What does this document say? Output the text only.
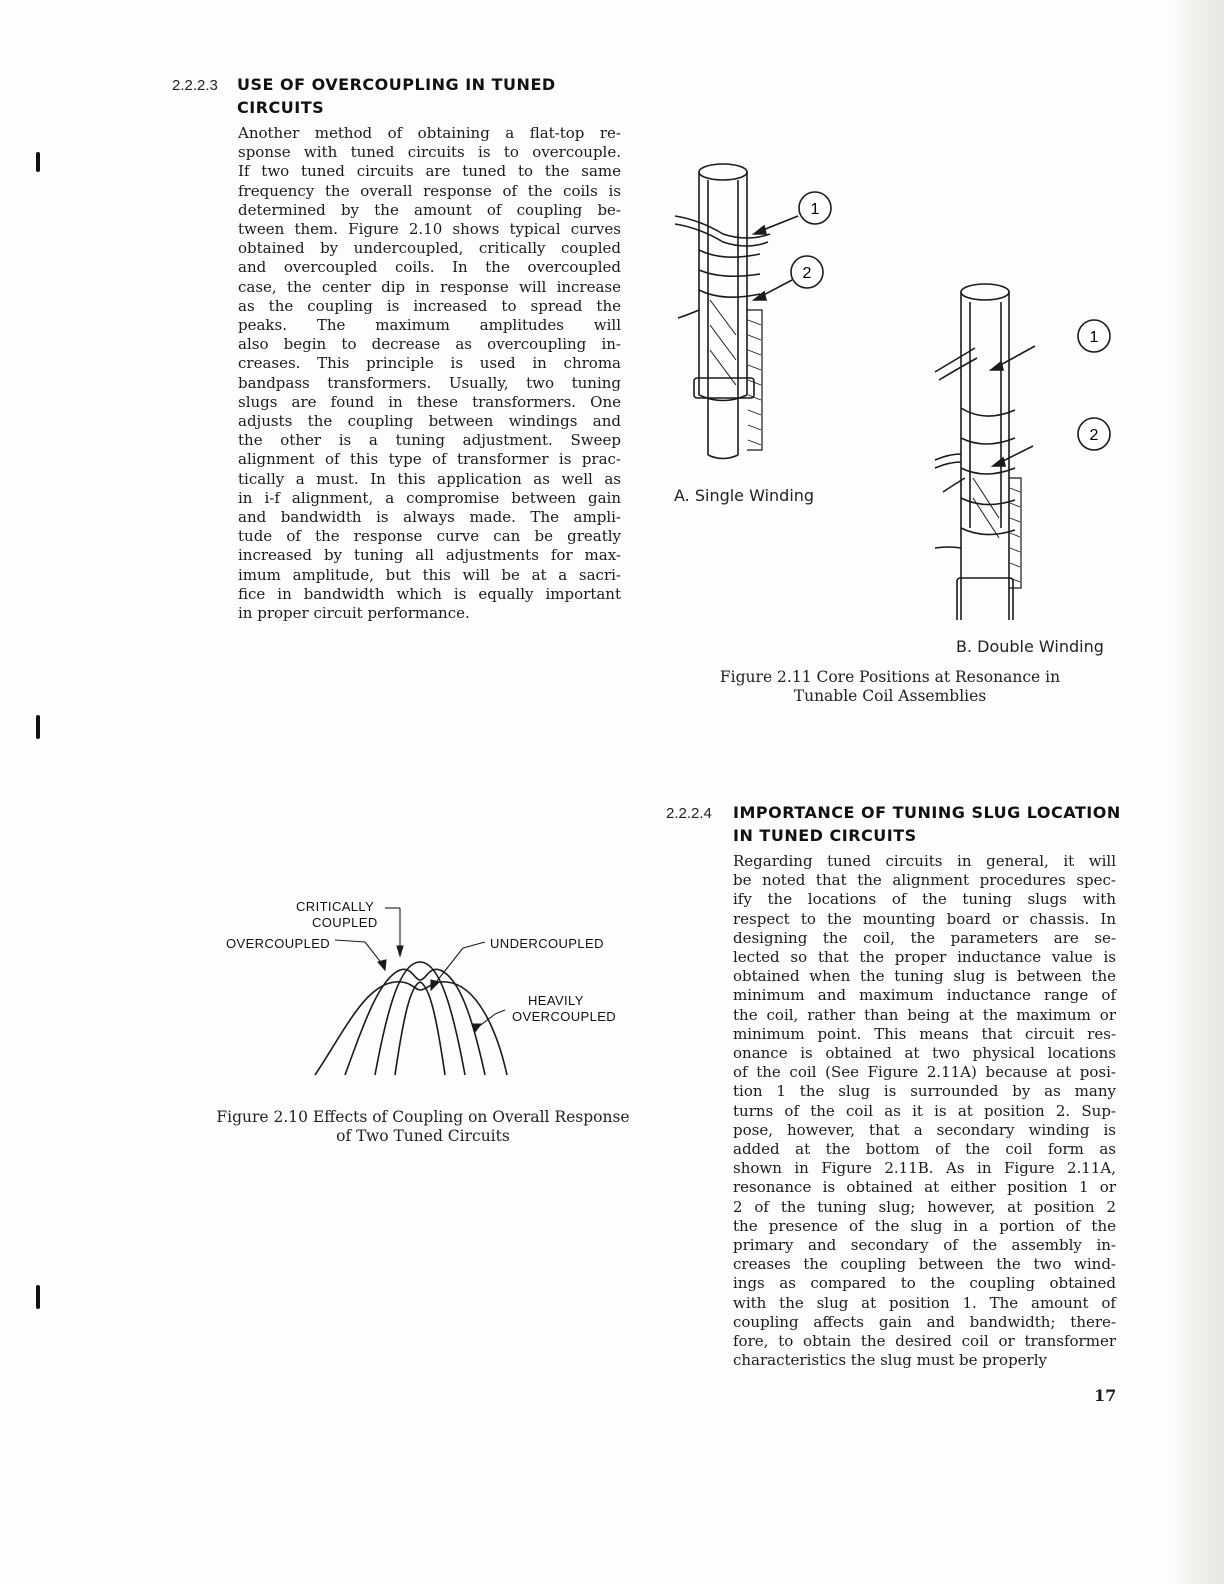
2.2.2.3 USE OF OVERCOUPLING IN TUNED
CIRCUITS
Another method of obtaining a flat-top re-
sponse with tuned circuits is to overcouple.
If two tuned circuits are tuned to the same
frequency the overall response of the coils is
determined by the amount of coupling be-
tween them. Figure 2.10 shows typical curves
obtained by undercoupled, critically coupled
and overcoupled coils. In the overcoupled
case, the center dip in response will increase
as the coupling is increased to spread the
peaks. The maximum amplitudes will
also begin to decrease as overcoupling in-
creases. This principle is used in chroma
bandpass transformers. Usually, two tuning
slugs are found in these transformers. One
adjusts the coupling between windings and
the other is a tuning adjustment. Sweep
alignment of this type of transformer is prac-
tically a must. In this application as well as
in i-f alignment, a compromise between gain
and bandwidth is always made. The ampli-
tude of the response curve can be greatly
increased by tuning all adjustments for max-
imum amplitude, but this will be at a sacri-
fice in bandwidth which is equally important
in proper circuit performance.
1
2
1
2
A. Single Winding
B. Double Winding
Figure 2.11 Core Positions at Resonance in
Tunable Coil Assemblies
CRITICALLY
COUPLED
OVERCOUPLED	UNDERCOUPLED
HEAVILY
OVERCOUPLED
Figure 2.10 Effects of Coupling on Overall Response
of Two Tuned Circuits
2.2.2.4 IMPORTANCE OF TUNING SLUG LOCATION
IN TUNED CIRCUITS
Regarding tuned circuits in general, it will
be noted that the alignment procedures spec-
ify the locations of the tuning slugs with
respect to the mounting board or chassis. In
designing the coil, the parameters are se-
lected so that the proper inductance value is
obtained when the tuning slug is between the
minimum and maximum inductance range of
the coil, rather than being at the maximum or
minimum point. This means that circuit res-
onance is obtained at two physical locations
of the coil (See Figure 2.11A) because at posi-
tion 1 the slug is surrounded by as many
turns of the coil as it is at position 2. Sup-
pose, however, that a secondary winding is
added at the bottom of the coil form as
shown in Figure 2.11B. As in Figure 2.11A,
resonance is obtained at either position 1 or
2 of the tuning slug; however, at position 2
the presence of the slug in a portion of the
primary and secondary of the assembly in-
creases the coupling between the two wind-
ings as compared to the coupling obtained
with the slug at position 1. The amount of
coupling affects gain and bandwidth; there-
fore, to obtain the desired coil or transformer
characteristics the slug must be properly
17
